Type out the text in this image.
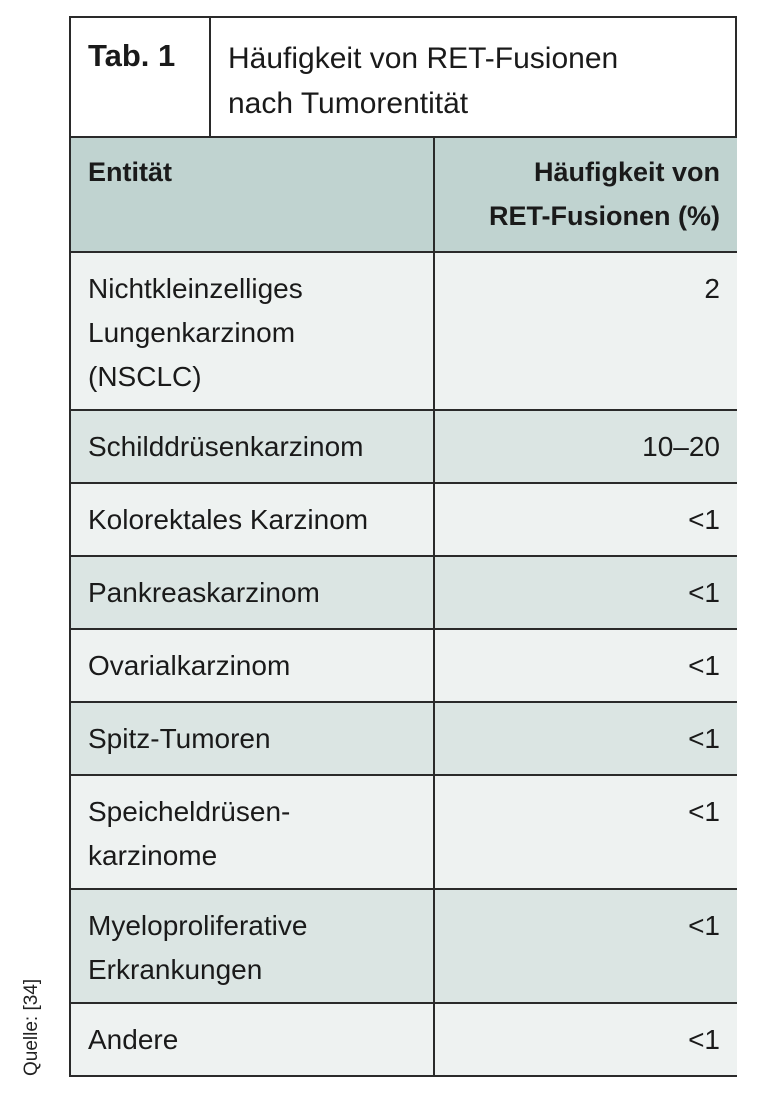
Quelle: [34]
Tab. 1	Häufigkeit von RET-Fusionen
nach Tumorentität
Entität	Häufigkeit von
RET-Fusionen (%)

Nichtkleinzelliges
Lungenkarzinom
(NSCLC)	2
Schilddrüsenkarzinom	10–20
Kolorektales Karzinom	<1
Pankreaskarzinom	<1
Ovarialkarzinom	<1
Spitz-Tumoren	<1

Speicheldrüsen-
karzinome	<1

Myeloproliferative
Erkrankungen	<1
Andere	<1
